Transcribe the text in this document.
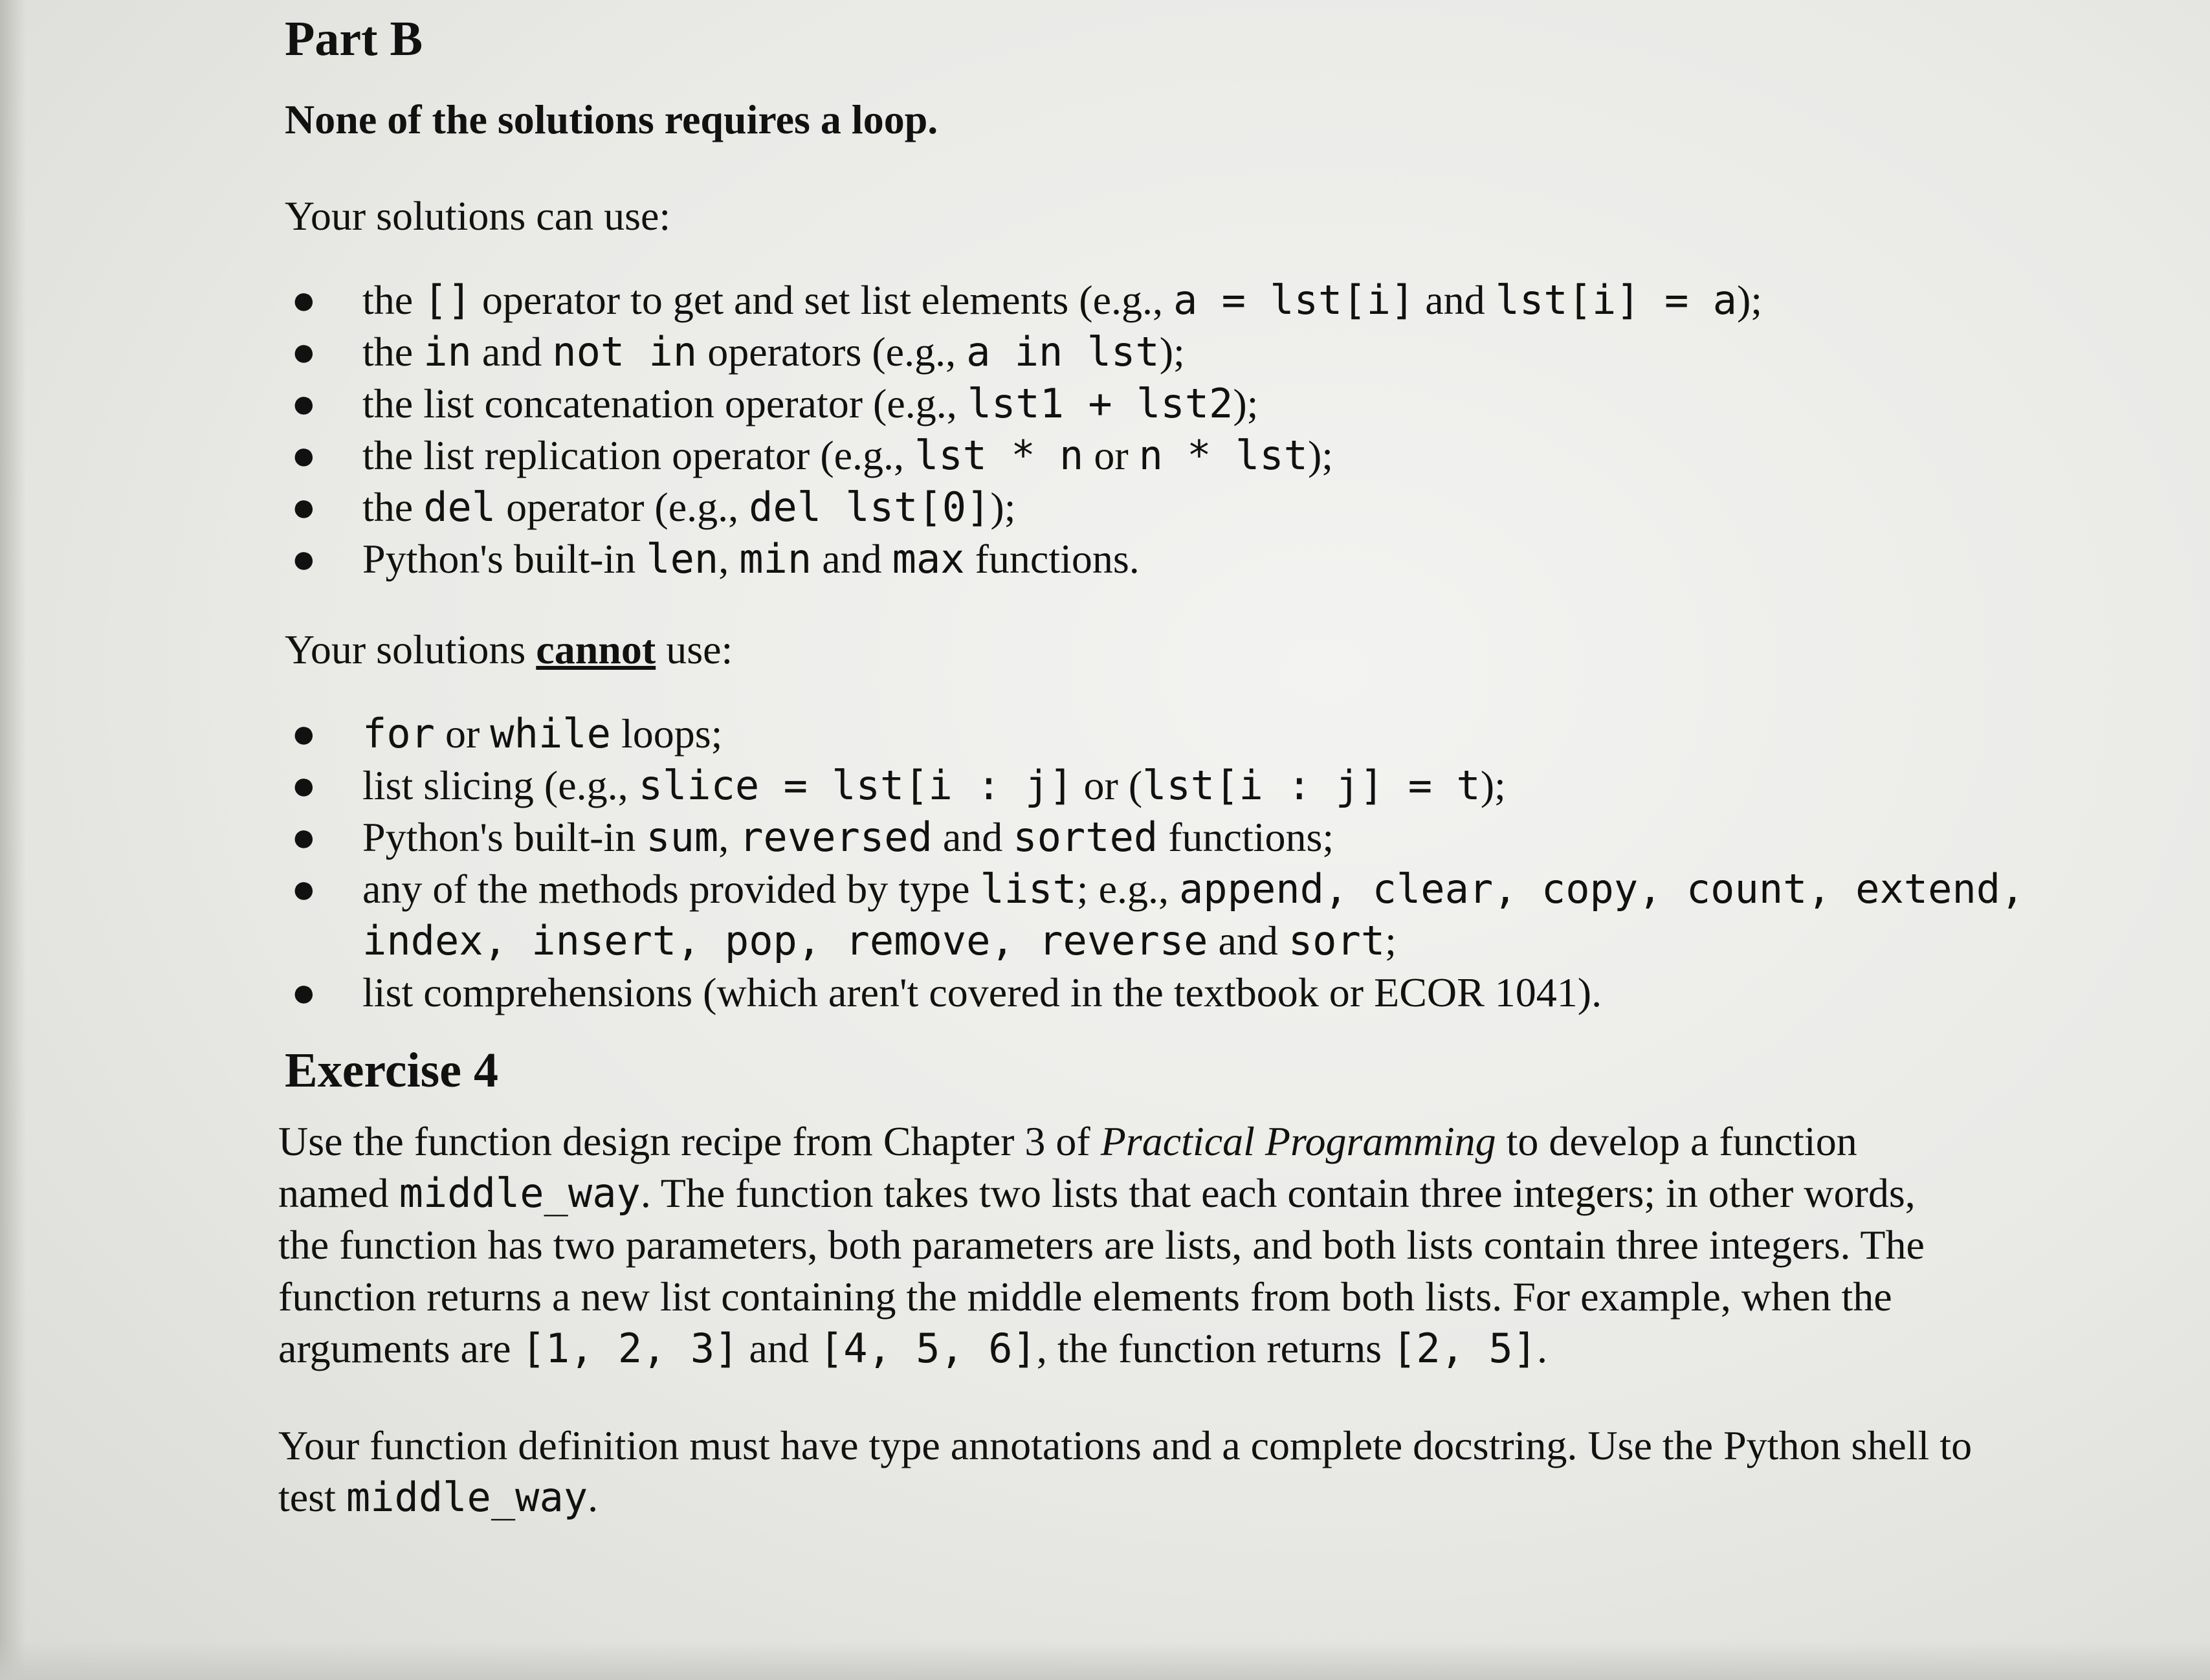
Part B

None of the solutions requires a loop.

Your solutions can use:

● the [] operator to get and set list elements (e.g., a = lst[i] and lst[i] = a);
● the in and not in operators (e.g., a in lst);
● the list concatenation operator (e.g., lst1 + lst2);
● the list replication operator (e.g., lst * n or n * lst);
● the del operator (e.g., del lst[0]);
● Python's built-in len, min and max functions.

Your solutions cannot use:

● for or while loops;
● list slicing (e.g., slice = lst[i : j] or (lst[i : j] = t);
● Python's built-in sum, reversed and sorted functions;
● any of the methods provided by type list; e.g., append, clear, copy, count, extend, index, insert, pop, remove, reverse and sort;
● list comprehensions (which aren't covered in the textbook or ECOR 1041).
Exercise 4

Use the function design recipe from Chapter 3 of Practical Programming to develop a function named middle_way. The function takes two lists that each contain three integers; in other words, the function has two parameters, both parameters are lists, and both lists contain three integers. The function returns a new list containing the middle elements from both lists. For example, when the arguments are [1, 2, 3] and [4, 5, 6], the function returns [2, 5].

Your function definition must have type annotations and a complete docstring. Use the Python shell to test middle_way.
